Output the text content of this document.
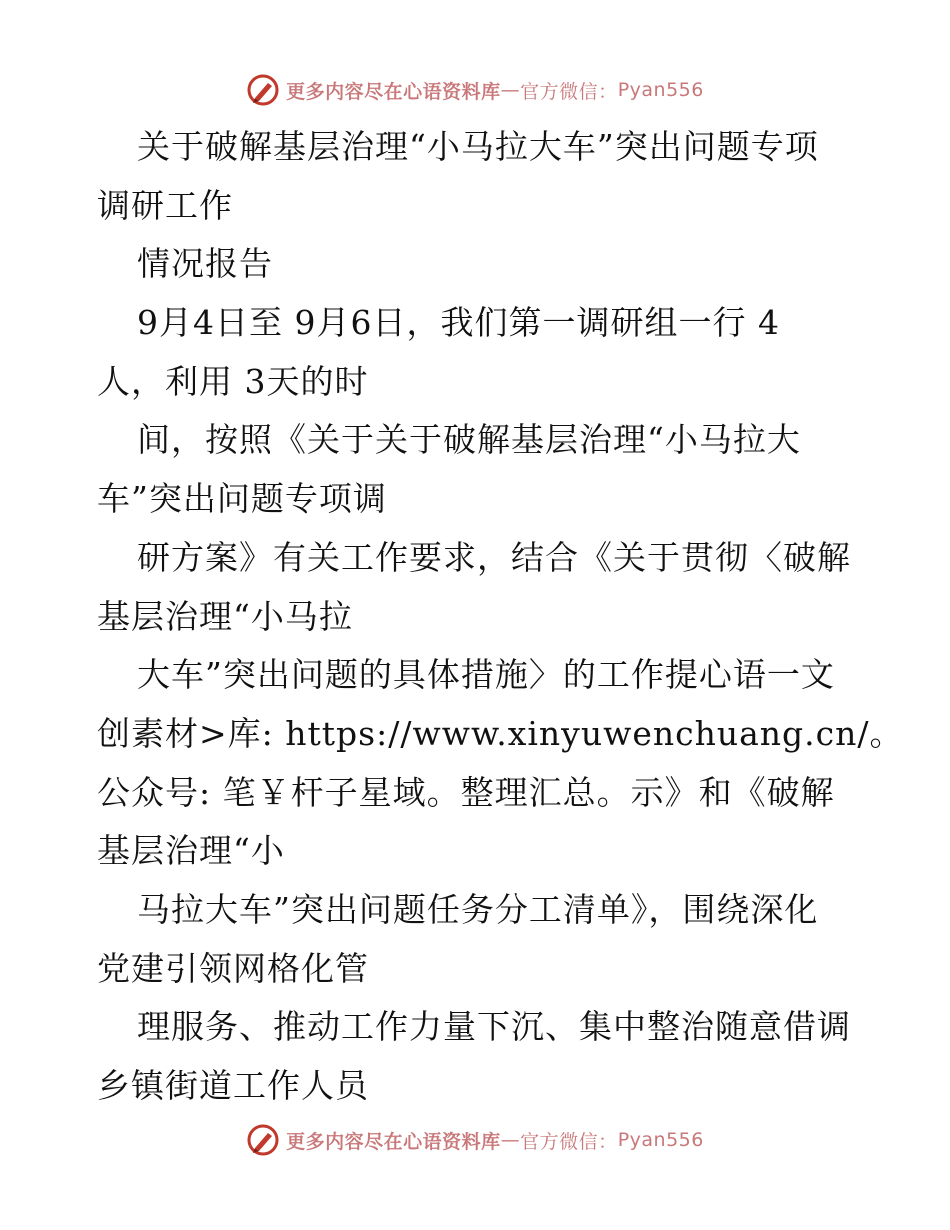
更多内容尽在心语资料库 — 官方微信： Pyan556
关于破解基层治理“小马拉大车”突出问题专项
调研工作
情况报告
9月4日至 9月6日，我们第一调研组一行 4
人，利用 3天的时
间，按照《关于关于破解基层治理“小马拉大
车”突出问题专项调
研方案》有关工作要求，结合《关于贯彻〈破解
基层治理“小马拉
大车”突出问题的具体措施〉的工作提心语一文
创素材>库: https://www.xinyuwenchuang.cn/。
公众号: 笔￥杆子星域。整理汇总。示》和《破解
基层治理“小
马拉大车”突出问题任务分工清单》，围绕深化
党建引领网格化管
理服务、推动工作力量下沉、集中整治随意借调
乡镇街道工作人员
更多内容尽在心语资料库 — 官方微信： Pyan556
